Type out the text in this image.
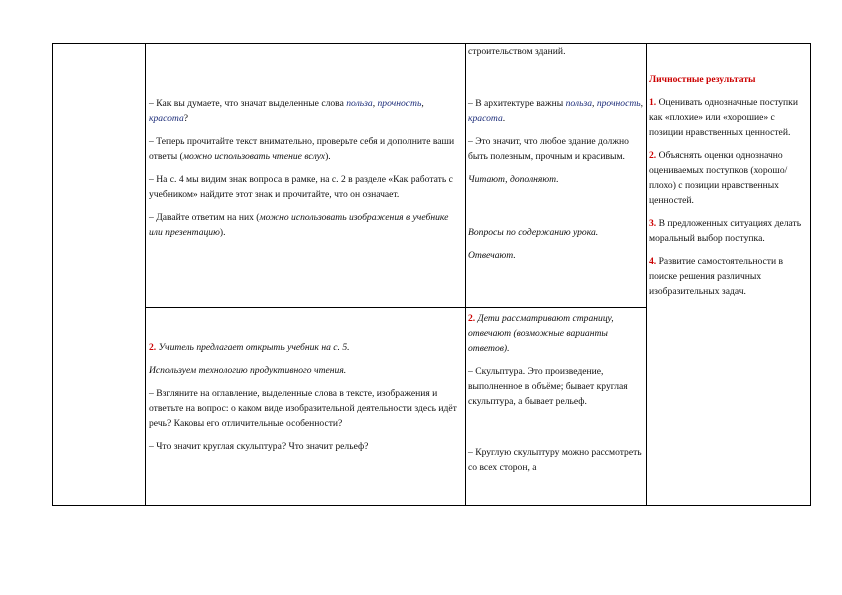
– Как вы думаете, что значат выделенные слова польза, прочность, красота?

– Теперь прочитайте текст внимательно, проверьте себя и дополните ваши ответы (можно использовать чтение вслух).

– На с. 4 мы видим знак вопроса в рамке, на с. 2 в разделе «Как работать с учебником» найдите этот знак и прочитайте, что он означает.

– Давайте ответим на них (можно использовать изображения в учебнике или презентацию).

строительством зданий.

– В архитектуре важны польза, прочность, красота.

– Это значит, что любое здание должно быть полезным, прочным и красивым.

Читают, дополняют.

Вопросы по содержанию урока.

Отвечают.

Личностные результаты

1. Оценивать однозначные поступки как «плохие» или «хорошие» с позиции нравственных ценностей.

2. Объяснять оценки однозначно оцениваемых поступков (хорошо/плохо) с позиции нравственных ценностей.

3. В предложенных ситуациях делать моральный выбор поступка.

4. Развитие самостоятельности в поиске решения различных изобразительных задач.

2. Учитель предлагает открыть учебник на с. 5.

Используем технологию продуктивного чтения.

– Взгляните на оглавление, выделенные слова в тексте, изображения и ответьте на вопрос: о каком виде изобразительной деятельности здесь идёт речь? Каковы его отличительные особенности?

– Что значит круглая скульптура? Что значит рельеф?

2. Дети рассматривают страницу, отвечают (возможные варианты ответов).

– Скульптура. Это произведение, выполненное в объёме; бывает круглая скульптура, а бывает рельеф.

– Круглую скульптуру можно рассмотреть со всех сторон, а
